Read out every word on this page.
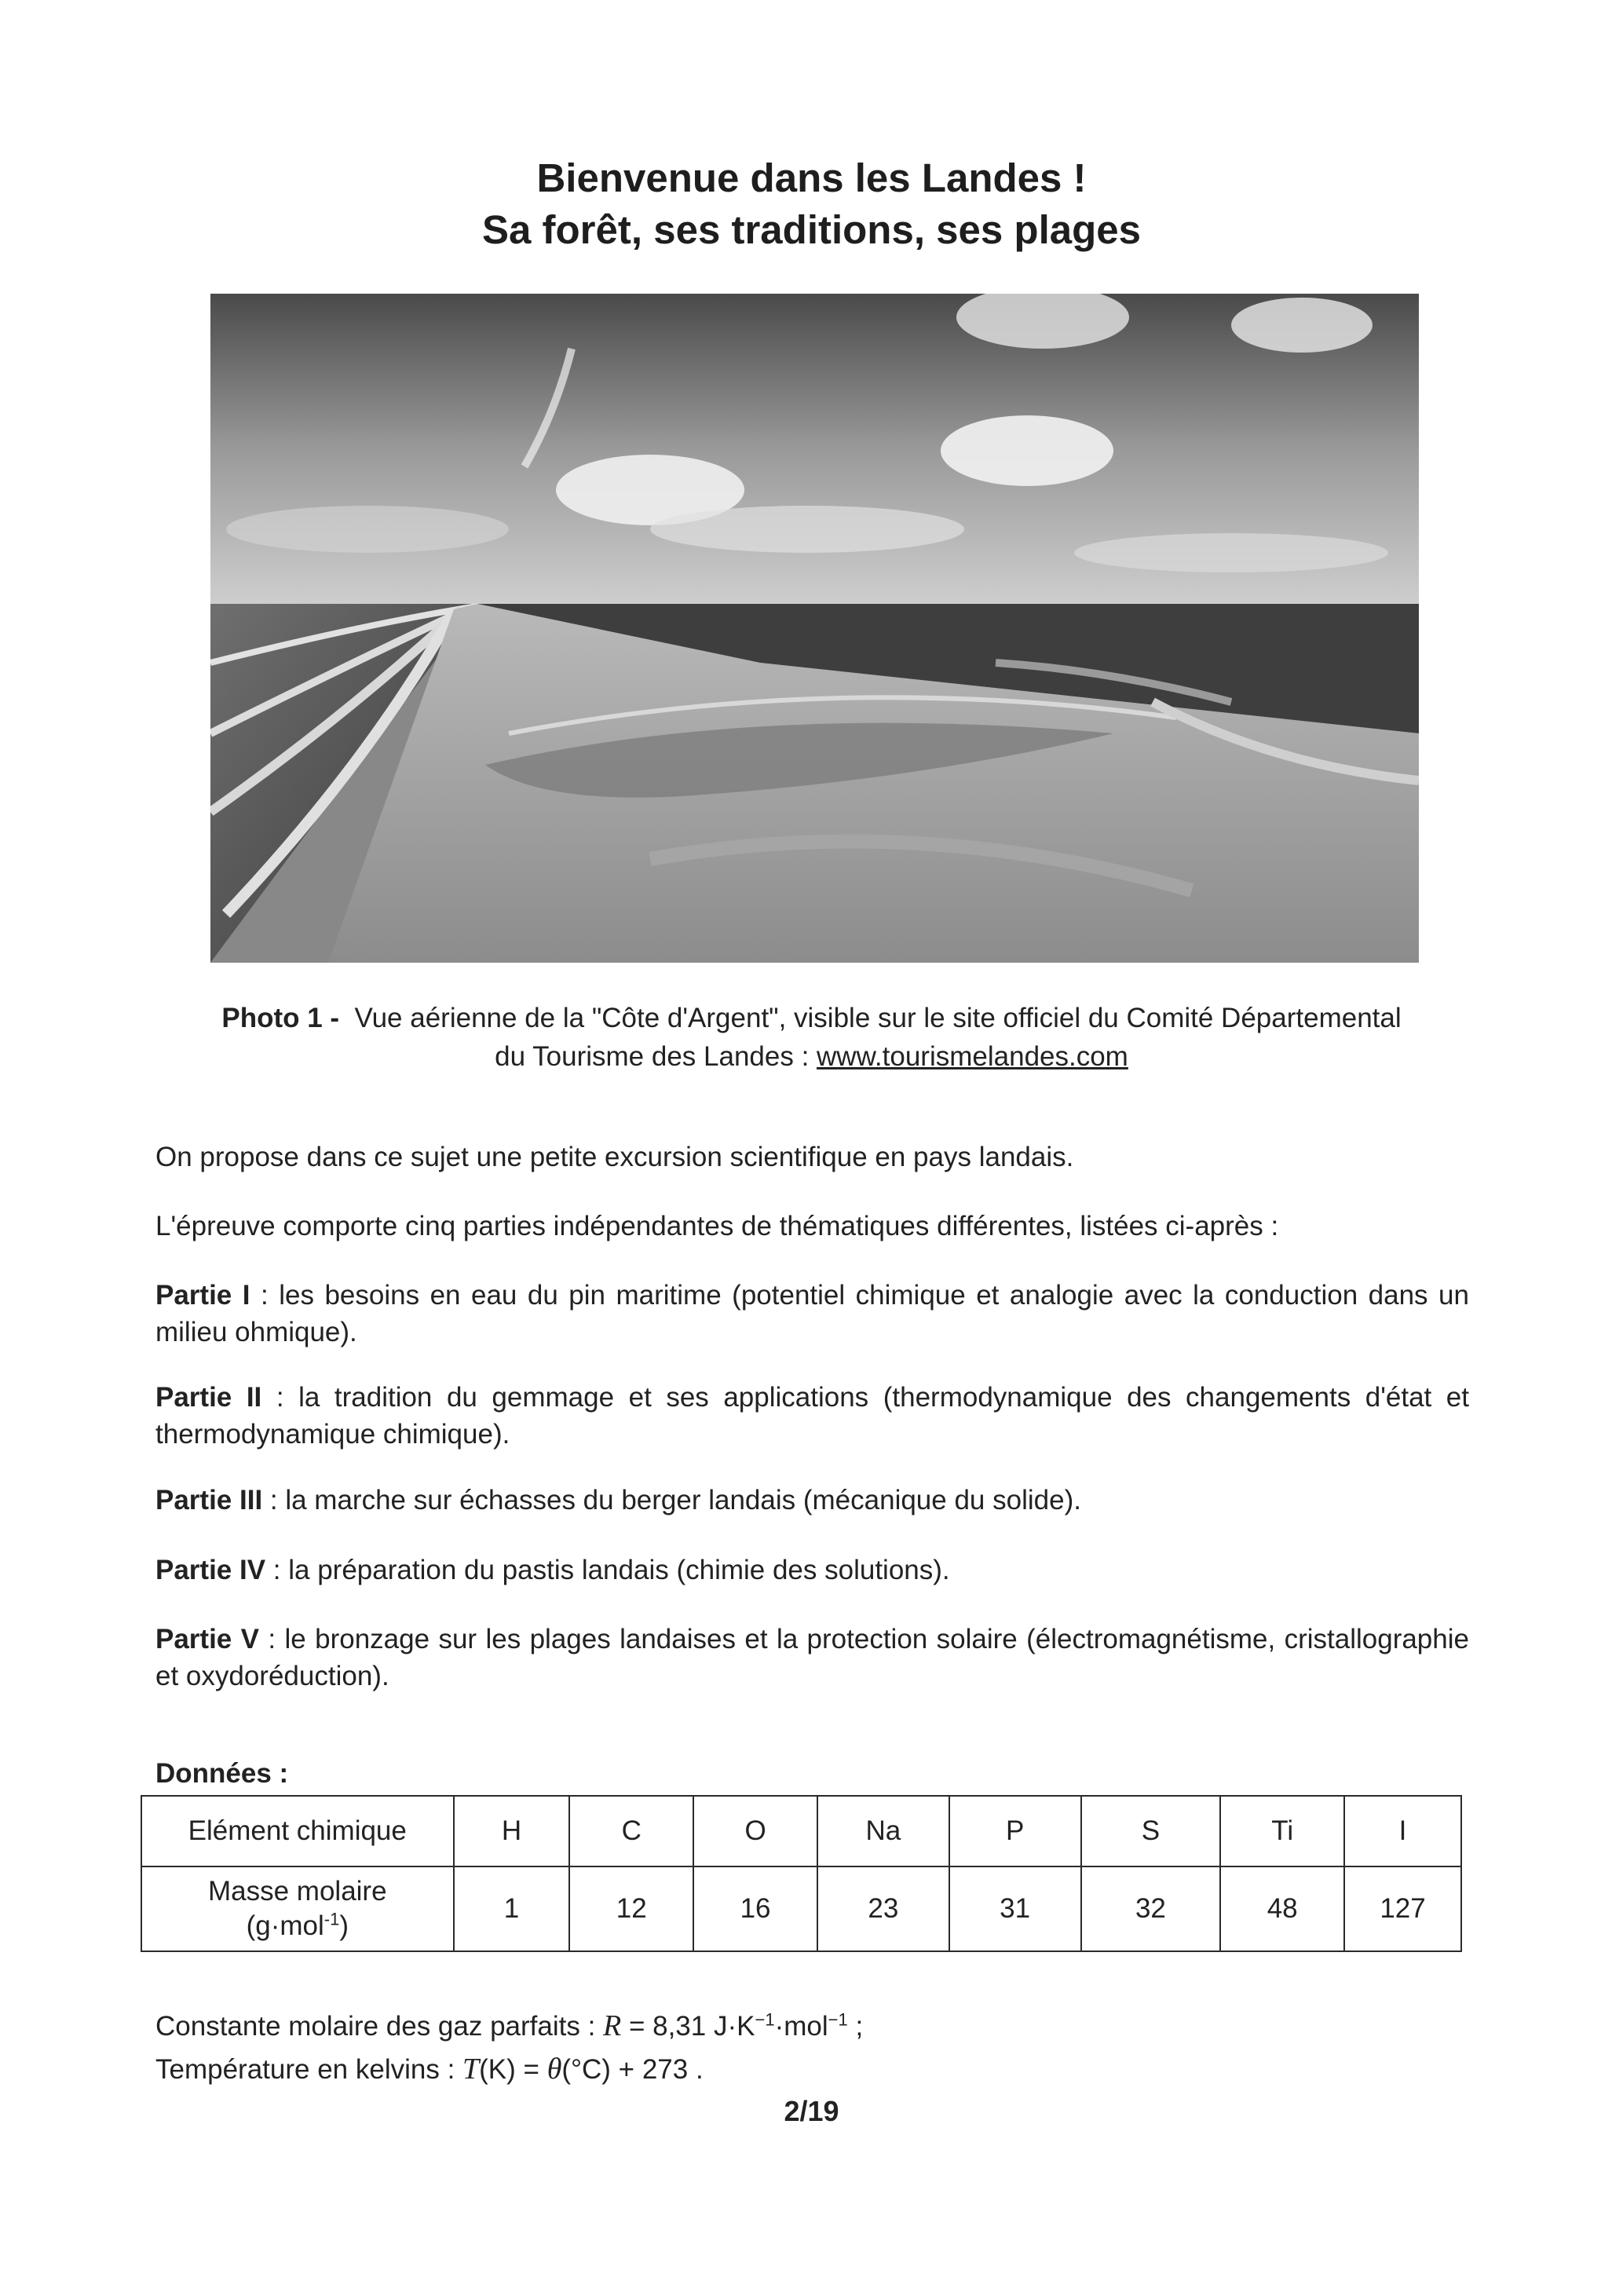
Bienvenue dans les Landes !
Sa forêt, ses traditions, ses plages
Photo 1 - Vue aérienne de la "Côte d'Argent", visible sur le site officiel du Comité Départemental
du Tourisme des Landes : www.tourismelandes.com
On propose dans ce sujet une petite excursion scientifique en pays landais.
L'épreuve comporte cinq parties indépendantes de thématiques différentes, listées ci-après :
Partie I : les besoins en eau du pin maritime (potentiel chimique et analogie avec la conduction dans un milieu ohmique).
Partie II : la tradition du gemmage et ses applications (thermodynamique des changements d'état et thermodynamique chimique).
Partie III : la marche sur échasses du berger landais (mécanique du solide).
Partie IV : la préparation du pastis landais (chimie des solutions).
Partie V : le bronzage sur les plages landaises et la protection solaire (électromagnétisme, cristallographie et oxydoréduction).
Données :
Elément chimique	H	C	O	Na	P	S	Ti	I
Masse molaire
(g·mol$^{-1}$)	1	12	16	23	31	32	48	127
Constante molaire des gaz parfaits : R = 8,31 $J\cdot K^{-1}\cdot mol^{-1}$ ;
Température en kelvins : T(K) = θ(°C) + 273 .
2/19
